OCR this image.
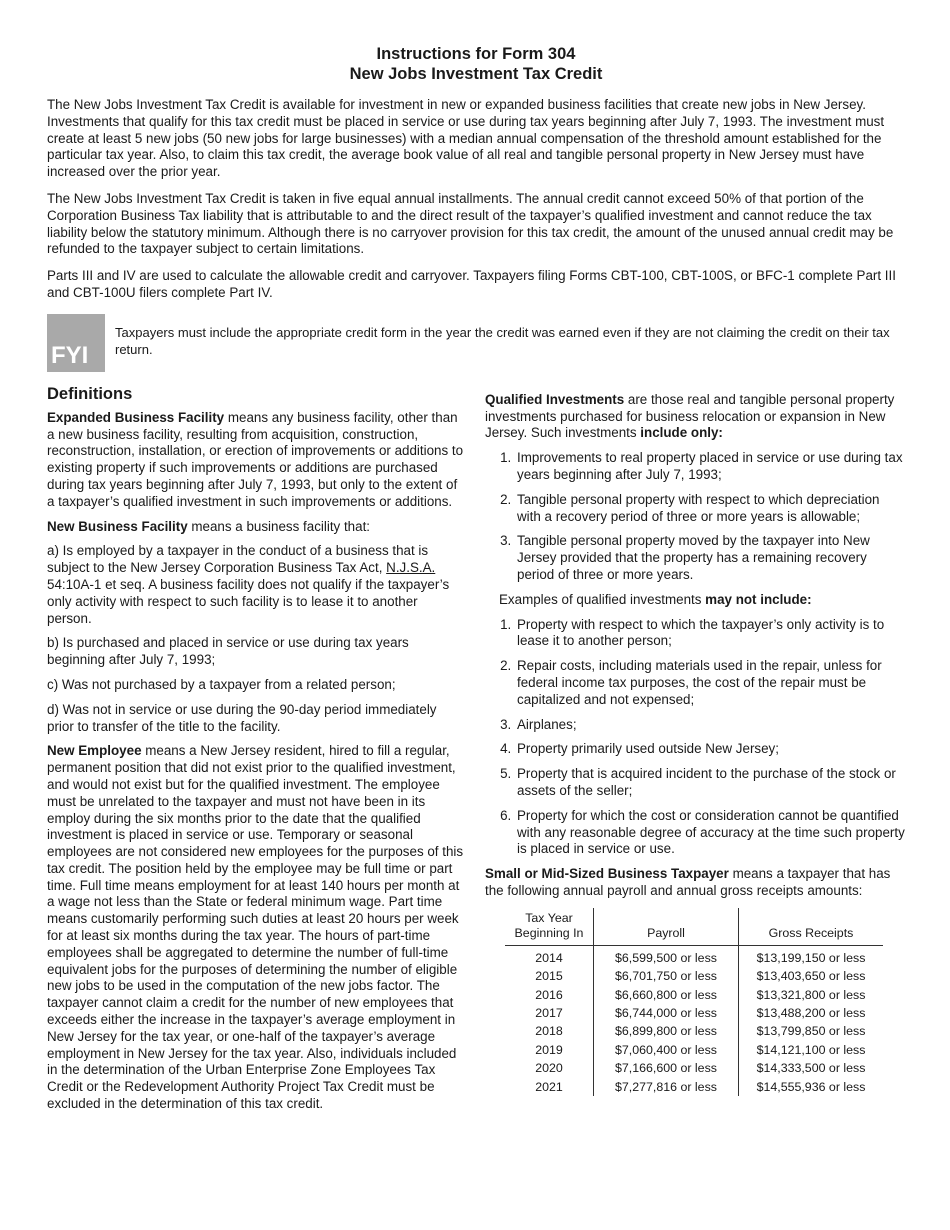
Instructions for Form 304
New Jobs Investment Tax Credit

The New Jobs Investment Tax Credit is available for investment in new or expanded business facilities that create new jobs in New Jersey. Investments that qualify for this tax credit must be placed in service or use during tax years beginning after July 7, 1993. The investment must create at least 5 new jobs (50 new jobs for large businesses) with a median annual compensation of the threshold amount established for the particular tax year. Also, to claim this tax credit, the average book value of all real and tangible personal property in New Jersey must have increased over the prior year.

The New Jobs Investment Tax Credit is taken in five equal annual installments. The annual credit cannot exceed 50% of that portion of the Corporation Business Tax liability that is attributable to and the direct result of the taxpayer’s qualified investment and cannot reduce the tax liability below the statutory minimum. Although there is no carryover provision for this tax credit, the amount of the unused annual credit may be refunded to the taxpayer subject to certain limitations.

Parts III and IV are used to calculate the allowable credit and carryover. Taxpayers filing Forms CBT-100, CBT-100S, or BFC-1 complete Part III and CBT-100U filers complete Part IV.

FYI
Taxpayers must include the appropriate credit form in the year the credit was earned even if they are not claiming the credit on their tax return.
Definitions

Expanded Business Facility means any business facility, other than a new business facility, resulting from acquisition, construction, reconstruction, installation, or erection of improvements or additions to existing property if such improvements or additions are purchased during tax years beginning after July 7, 1993, but only to the extent of a taxpayer’s qualified investment in such improvements or additions.

New Business Facility means a business facility that:

a) Is employed by a taxpayer in the conduct of a business that is subject to the New Jersey Corporation Business Tax Act, N.J.S.A. 54:10A-1 et seq. A business facility does not qualify if the taxpayer’s only activity with respect to such facility is to lease it to another person.

b) Is purchased and placed in service or use during tax years beginning after July 7, 1993;

c) Was not purchased by a taxpayer from a related person;

d) Was not in service or use during the 90-day period immediately prior to transfer of the title to the facility.

New Employee means a New Jersey resident, hired to fill a regular, permanent position that did not exist prior to the qualified investment, and would not exist but for the qualified investment. The employee must be unrelated to the taxpayer and must not have been in its employ during the six months prior to the date that the qualified investment is placed in service or use. Temporary or seasonal employees are not considered new employees for the purposes of this tax credit. The position held by the employee may be full time or part time. Full time means employment for at least 140 hours per month at a wage not less than the State or federal minimum wage. Part time means customarily performing such duties at least 20 hours per week for at least six months during the tax year. The hours of part-time employees shall be aggregated to determine the number of full-time equivalent jobs for the purposes of determining the number of eligible new jobs to be used in the computation of the new jobs factor. The taxpayer cannot claim a credit for the number of new employees that exceeds either the increase in the taxpayer’s average employment in New Jersey for the tax year, or one-half of the taxpayer’s average employment in New Jersey for the tax year. Also, individuals included in the determination of the Urban Enterprise Zone Employees Tax Credit or the Redevelopment Authority Project Tax Credit must be excluded in the determination of this tax credit.

Qualified Investments are those real and tangible personal property investments purchased for business relocation or expansion in New Jersey. Such investments include only:

1. Improvements to real property placed in service or use during tax years beginning after July 7, 1993;
2. Tangible personal property with respect to which depreciation with a recovery period of three or more years is allowable;
3. Tangible personal property moved by the taxpayer into New Jersey provided that the property has a remaining recovery period of three or more years.
Examples of qualified investments may not include:
1. Property with respect to which the taxpayer’s only activity is to lease it to another person;
2. Repair costs, including materials used in the repair, unless for federal income tax purposes, the cost of the repair must be capitalized and not expensed;
3. Airplanes;
4. Property primarily used outside New Jersey;
5. Property that is acquired incident to the purchase of the stock or assets of the seller;
6. Property for which the cost or consideration cannot be quantified with any reasonable degree of accuracy at the time such property is placed in service or use.

Small or Mid-Sized Business Taxpayer means a taxpayer that has the following annual payroll and annual gross receipts amounts:

Tax Year Beginning In	Payroll	Gross Receipts
2014	$6,599,500 or less	$13,199,150 or less
2015	$6,701,750 or less	$13,403,650 or less
2016	$6,660,800 or less	$13,321,800 or less
2017	$6,744,000 or less	$13,488,200 or less
2018	$6,899,800 or less	$13,799,850 or less
2019	$7,060,400 or less	$14,121,100 or less
2020	$7,166,600 or less	$14,333,500 or less
2021	$7,277,816 or less	$14,555,936 or less
